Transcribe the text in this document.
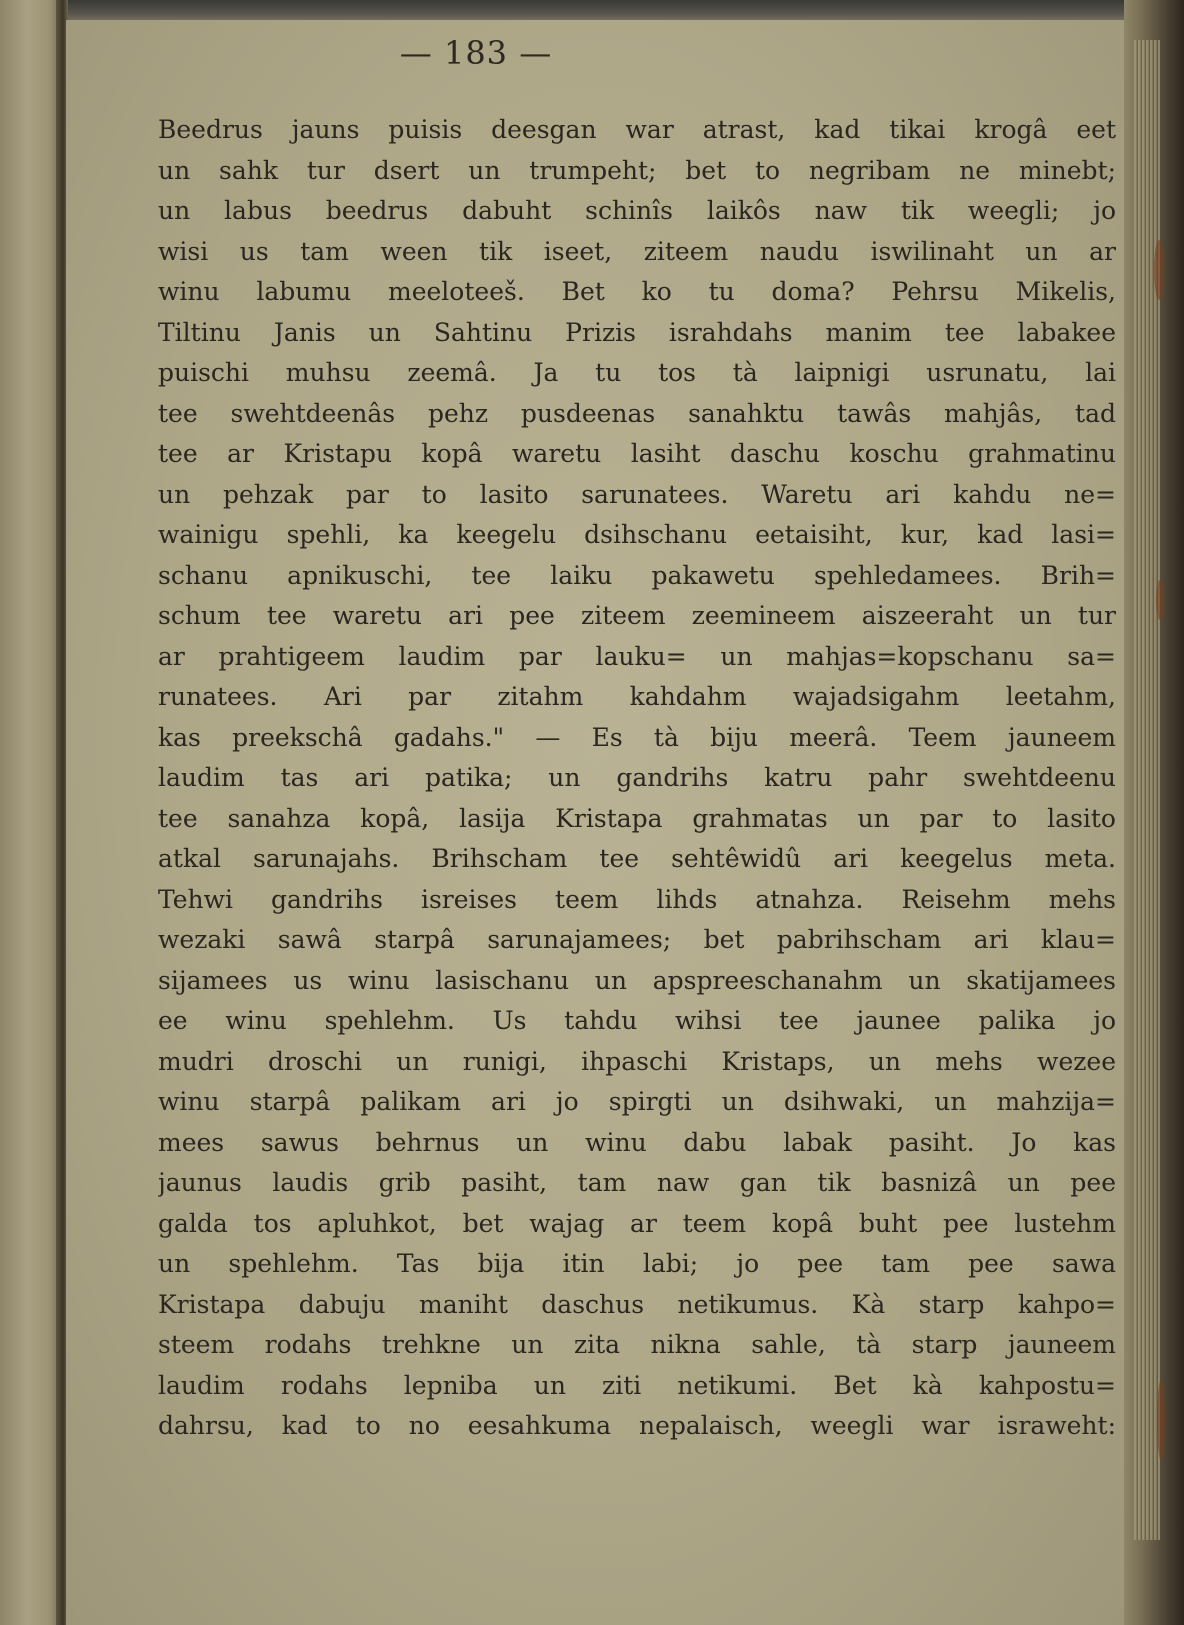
— 183 —
Beedrus jauns puisis deesgan war atrast, kad tikai krogâ eet
un sahk tur dsert un trumpeht; bet to negribam ne minebt;
un labus beedrus dabuht schinîs laikôs naw tik weegli; jo
wisi us tam ween tik iseet, ziteem naudu iswilinaht un ar
winu labumu meeloteeš. Bet ko tu doma? Pehrsu Mikelis,
Tiltinu Janis un Sahtinu Prizis israhdahs manim tee labakee
puischi muhsu zeemâ. Ja tu tos tà laipnigi usrunatu, lai
tee swehtdeenâs pehz pusdeenas sanahktu tawâs mahjâs, tad
tee ar Kristapu kopâ waretu lasiht daschu koschu grahmatinu
un pehzak par to lasito sarunatees. Waretu ari kahdu ne=
wainigu spehli, ka keegelu dsihschanu eetaisiht, kur, kad lasi=
schanu apnikuschi, tee laiku pakawetu spehledamees. Brih=
schum tee waretu ari pee ziteem zeemineem aiszeeraht un tur
ar prahtigeem laudim par lauku= un mahjas=kopschanu sa=
runatees. Ari par zitahm kahdahm wajadsigahm leetahm,
kas preekschâ gadahs." — Es tà biju meerâ. Teem jauneem
laudim tas ari patika; un gandrihs katru pahr swehtdeenu
tee sanahza kopâ, lasija Kristapa grahmatas un par to lasito
atkal sarunajahs. Brihscham tee sehtêwidû ari keegelus meta.
Tehwi gandrihs isreises teem lihds atnahza. Reisehm mehs
wezaki sawâ starpâ sarunajamees; bet pabrihscham ari klau=
sijamees us winu lasischanu un apspreeschanahm un skatijamees
ee winu spehlehm. Us tahdu wihsi tee jaunee palika jo
mudri droschi un runigi, ihpaschi Kristaps, un mehs wezee
winu starpâ palikam ari jo spirgti un dsihwaki, un mahzija=
mees sawus behrnus un winu dabu labak pasiht. Jo kas
jaunus laudis grib pasiht, tam naw gan tik basnizâ un pee
galda tos apluhkot, bet wajag ar teem kopâ buht pee lustehm
un spehlehm. Tas bija itin labi; jo pee tam pee sawa
Kristapa dabuju maniht daschus netikumus. Kà starp kahpo=
steem rodahs trehkne un zita nikna sahle, tà starp jauneem
laudim rodahs lepniba un ziti netikumi. Bet kà kahpostu=
dahrsu, kad to no eesahkuma nepalaisch, weegli war israweht:
